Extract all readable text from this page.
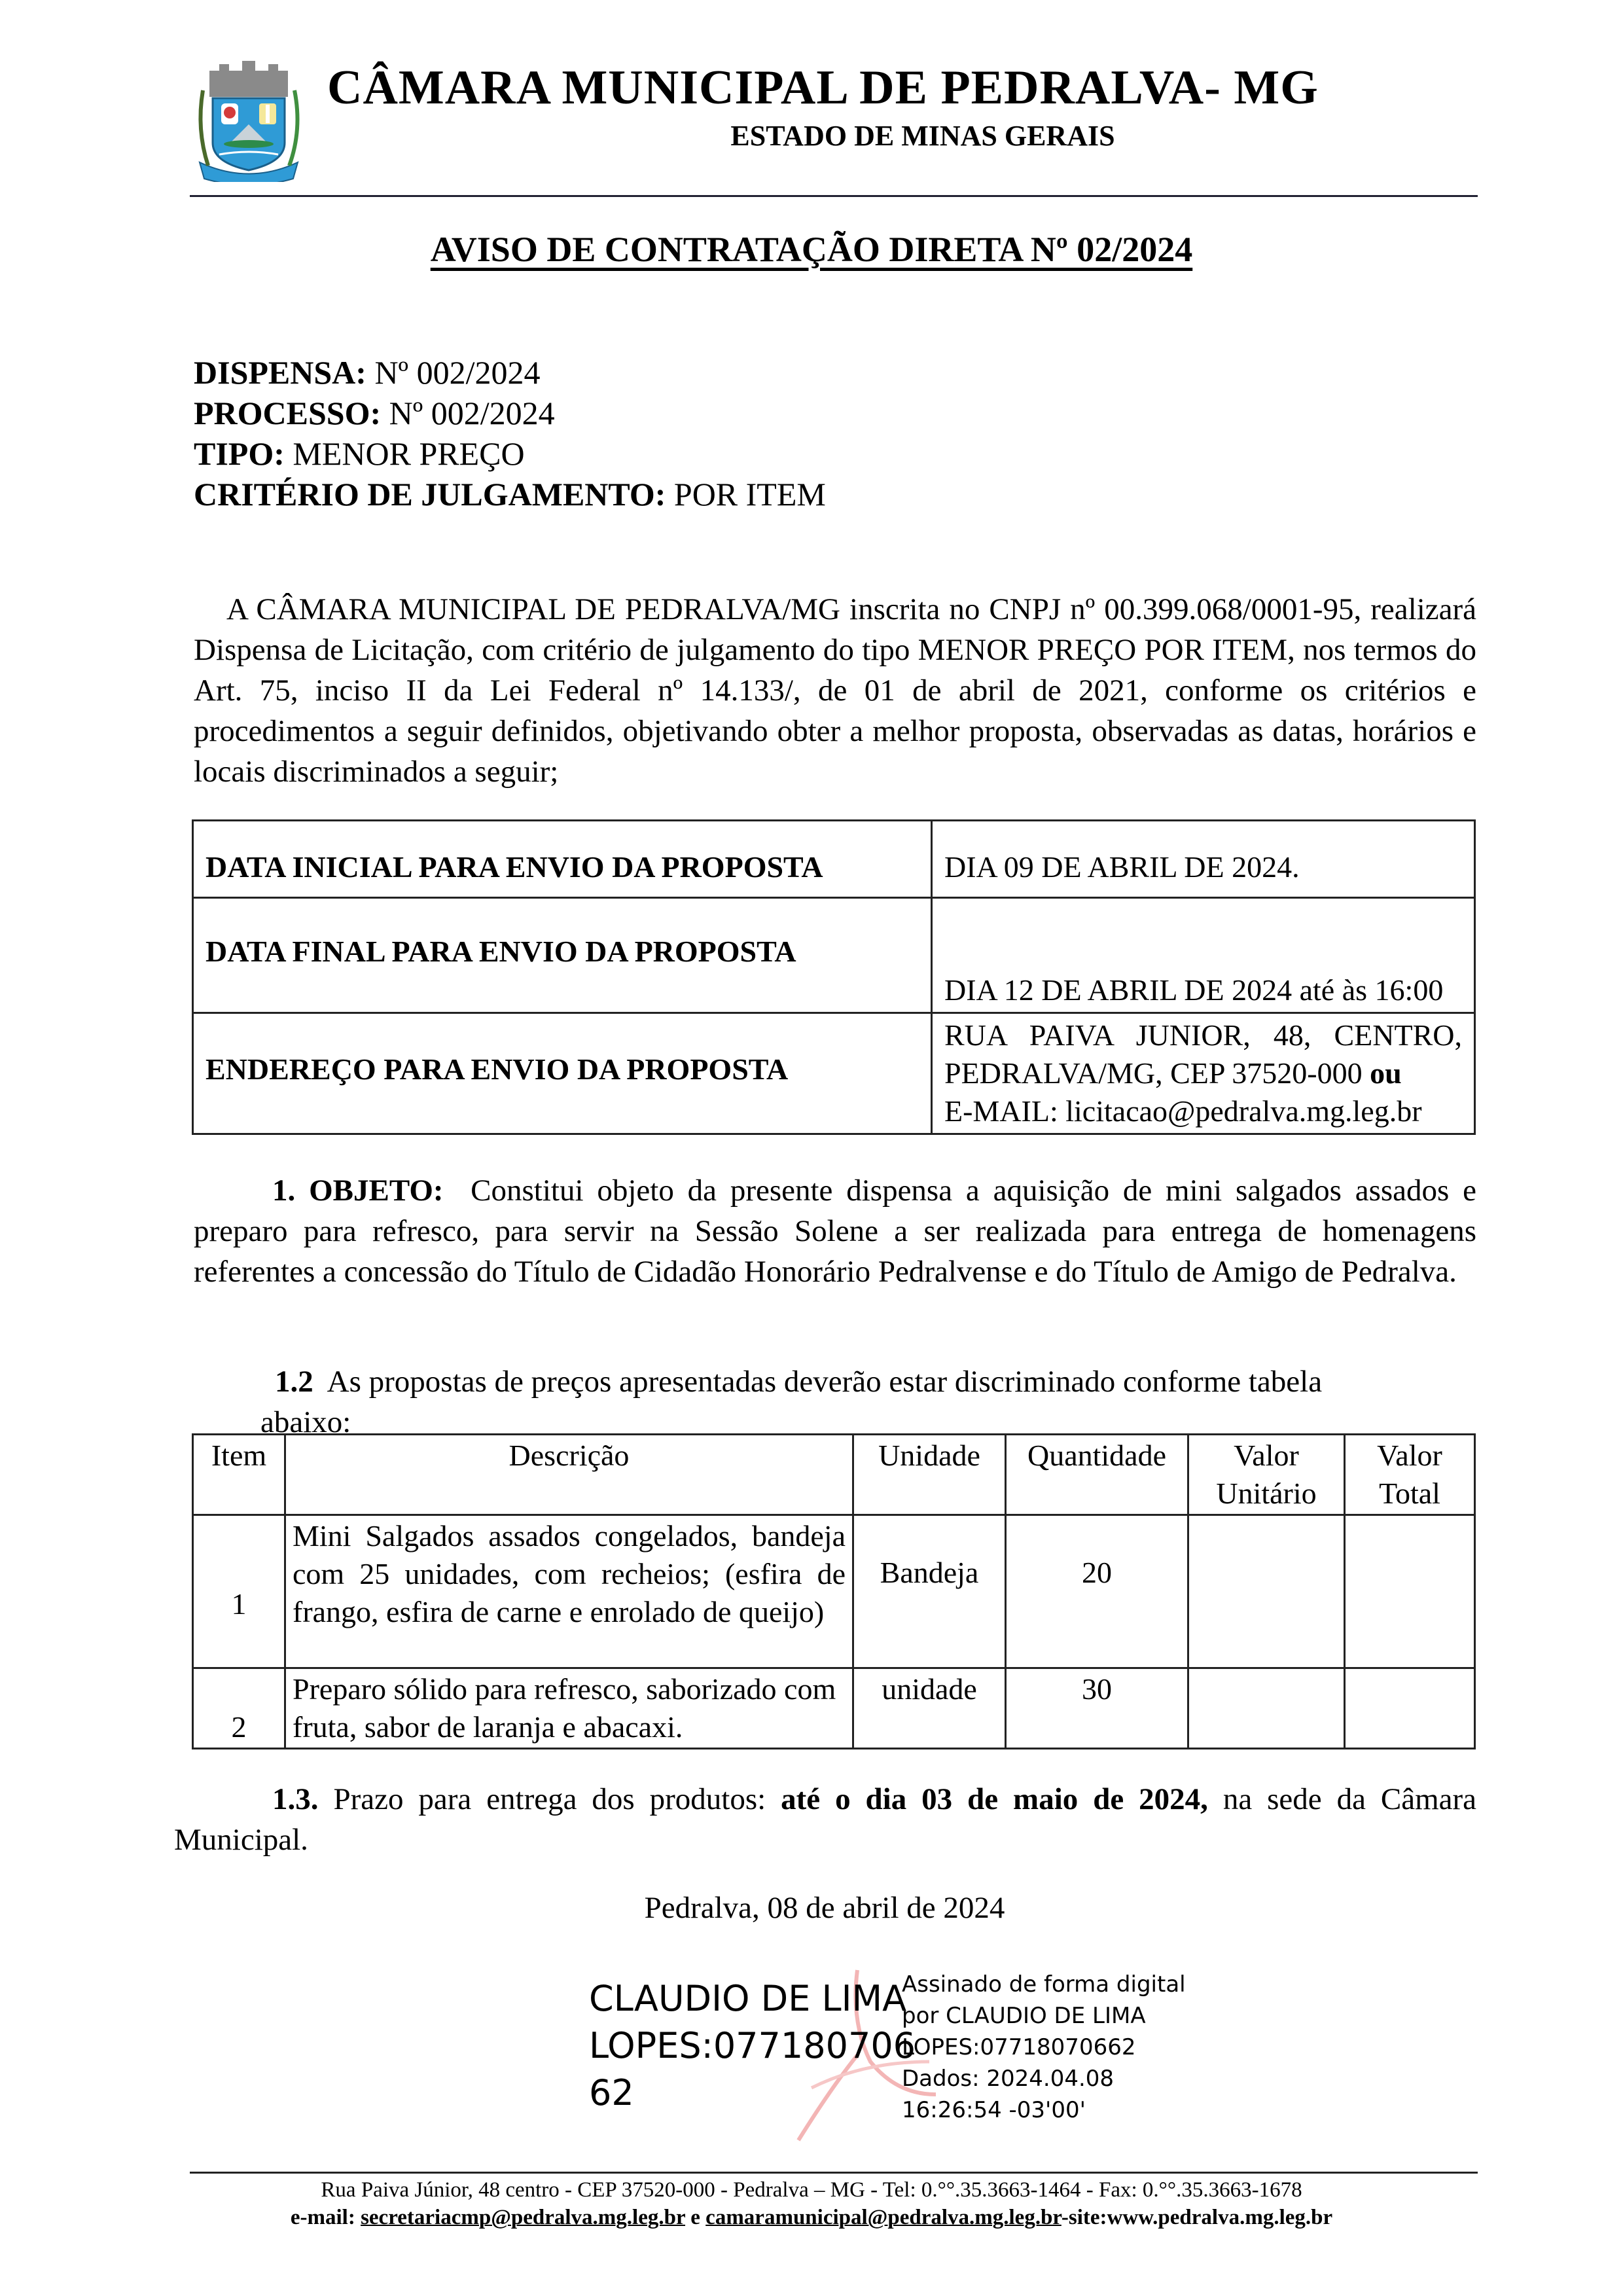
CÂMARA MUNICIPAL DE PEDRALVA- MG
ESTADO DE MINAS GERAIS
AVISO DE CONTRATAÇÃO DIRETA Nº 02/2024
DISPENSA: Nº 002/2024
PROCESSO: Nº 002/2024
TIPO: MENOR PREÇO
CRITÉRIO DE JULGAMENTO: POR ITEM
A CÂMARA MUNICIPAL DE PEDRALVA/MG inscrita no CNPJ nº 00.399.068/0001-95, realizará Dispensa de Licitação, com critério de julgamento do tipo MENOR PREÇO POR ITEM, nos termos do Art. 75, inciso II da Lei Federal nº 14.133/, de 01 de abril de 2021, conforme os critérios e procedimentos a seguir definidos, objetivando obter a melhor proposta, observadas as datas, horários e locais discriminados a seguir;
DATA INICIAL PARA ENVIO DA PROPOSTA	DIA 09 DE ABRIL DE 2024.
DATA FINAL PARA ENVIO DA PROPOSTA	DIA 12 DE ABRIL DE 2024 até às 16:00
ENDEREÇO PARA ENVIO DA PROPOSTA	RUA PAIVA JUNIOR, 48, CENTRO, PEDRALVA/MG, CEP 37520-000 ou
E-MAIL: licitacao@pedralva.mg.leg.br
1. OBJETO: Constitui objeto da presente dispensa a aquisição de mini salgados assados e preparo para refresco, para servir na Sessão Solene a ser realizada para entrega de homenagens referentes a concessão do Título de Cidadão Honorário Pedralvense e do Título de Amigo de Pedralva.
1.2 As propostas de preços apresentadas deverão estar discriminado conforme tabela abaixo:
Item	Descrição	Unidade	Quantidade	Valor Unitário	Valor Total
1	Mini Salgados assados congelados, bandeja com 25 unidades, com recheios; (esfira de frango, esfira de carne e enrolado de queijo)	Bandeja	20		
2	Preparo sólido para refresco, saborizado com fruta, sabor de laranja e abacaxi.	unidade	30		
1.3. Prazo para entrega dos produtos: até o dia 03 de maio de 2024, na sede da Câmara Municipal.
Pedralva, 08 de abril de 2024
CLAUDIO DE LIMA
LOPES:077180706
62
Assinado de forma digital
por CLAUDIO DE LIMA
LOPES:07718070662
Dados: 2024.04.08
16:26:54 -03'00'
Rua Paiva Júnior, 48 centro - CEP 37520-000 - Pedralva – MG - Tel: 0.°°.35.3663-1464 - Fax: 0.°°.35.3663-1678
e-mail: secretariacmp@pedralva.mg.leg.br e camaramunicipal@pedralva.mg.leg.br-site:www.pedralva.mg.leg.br
